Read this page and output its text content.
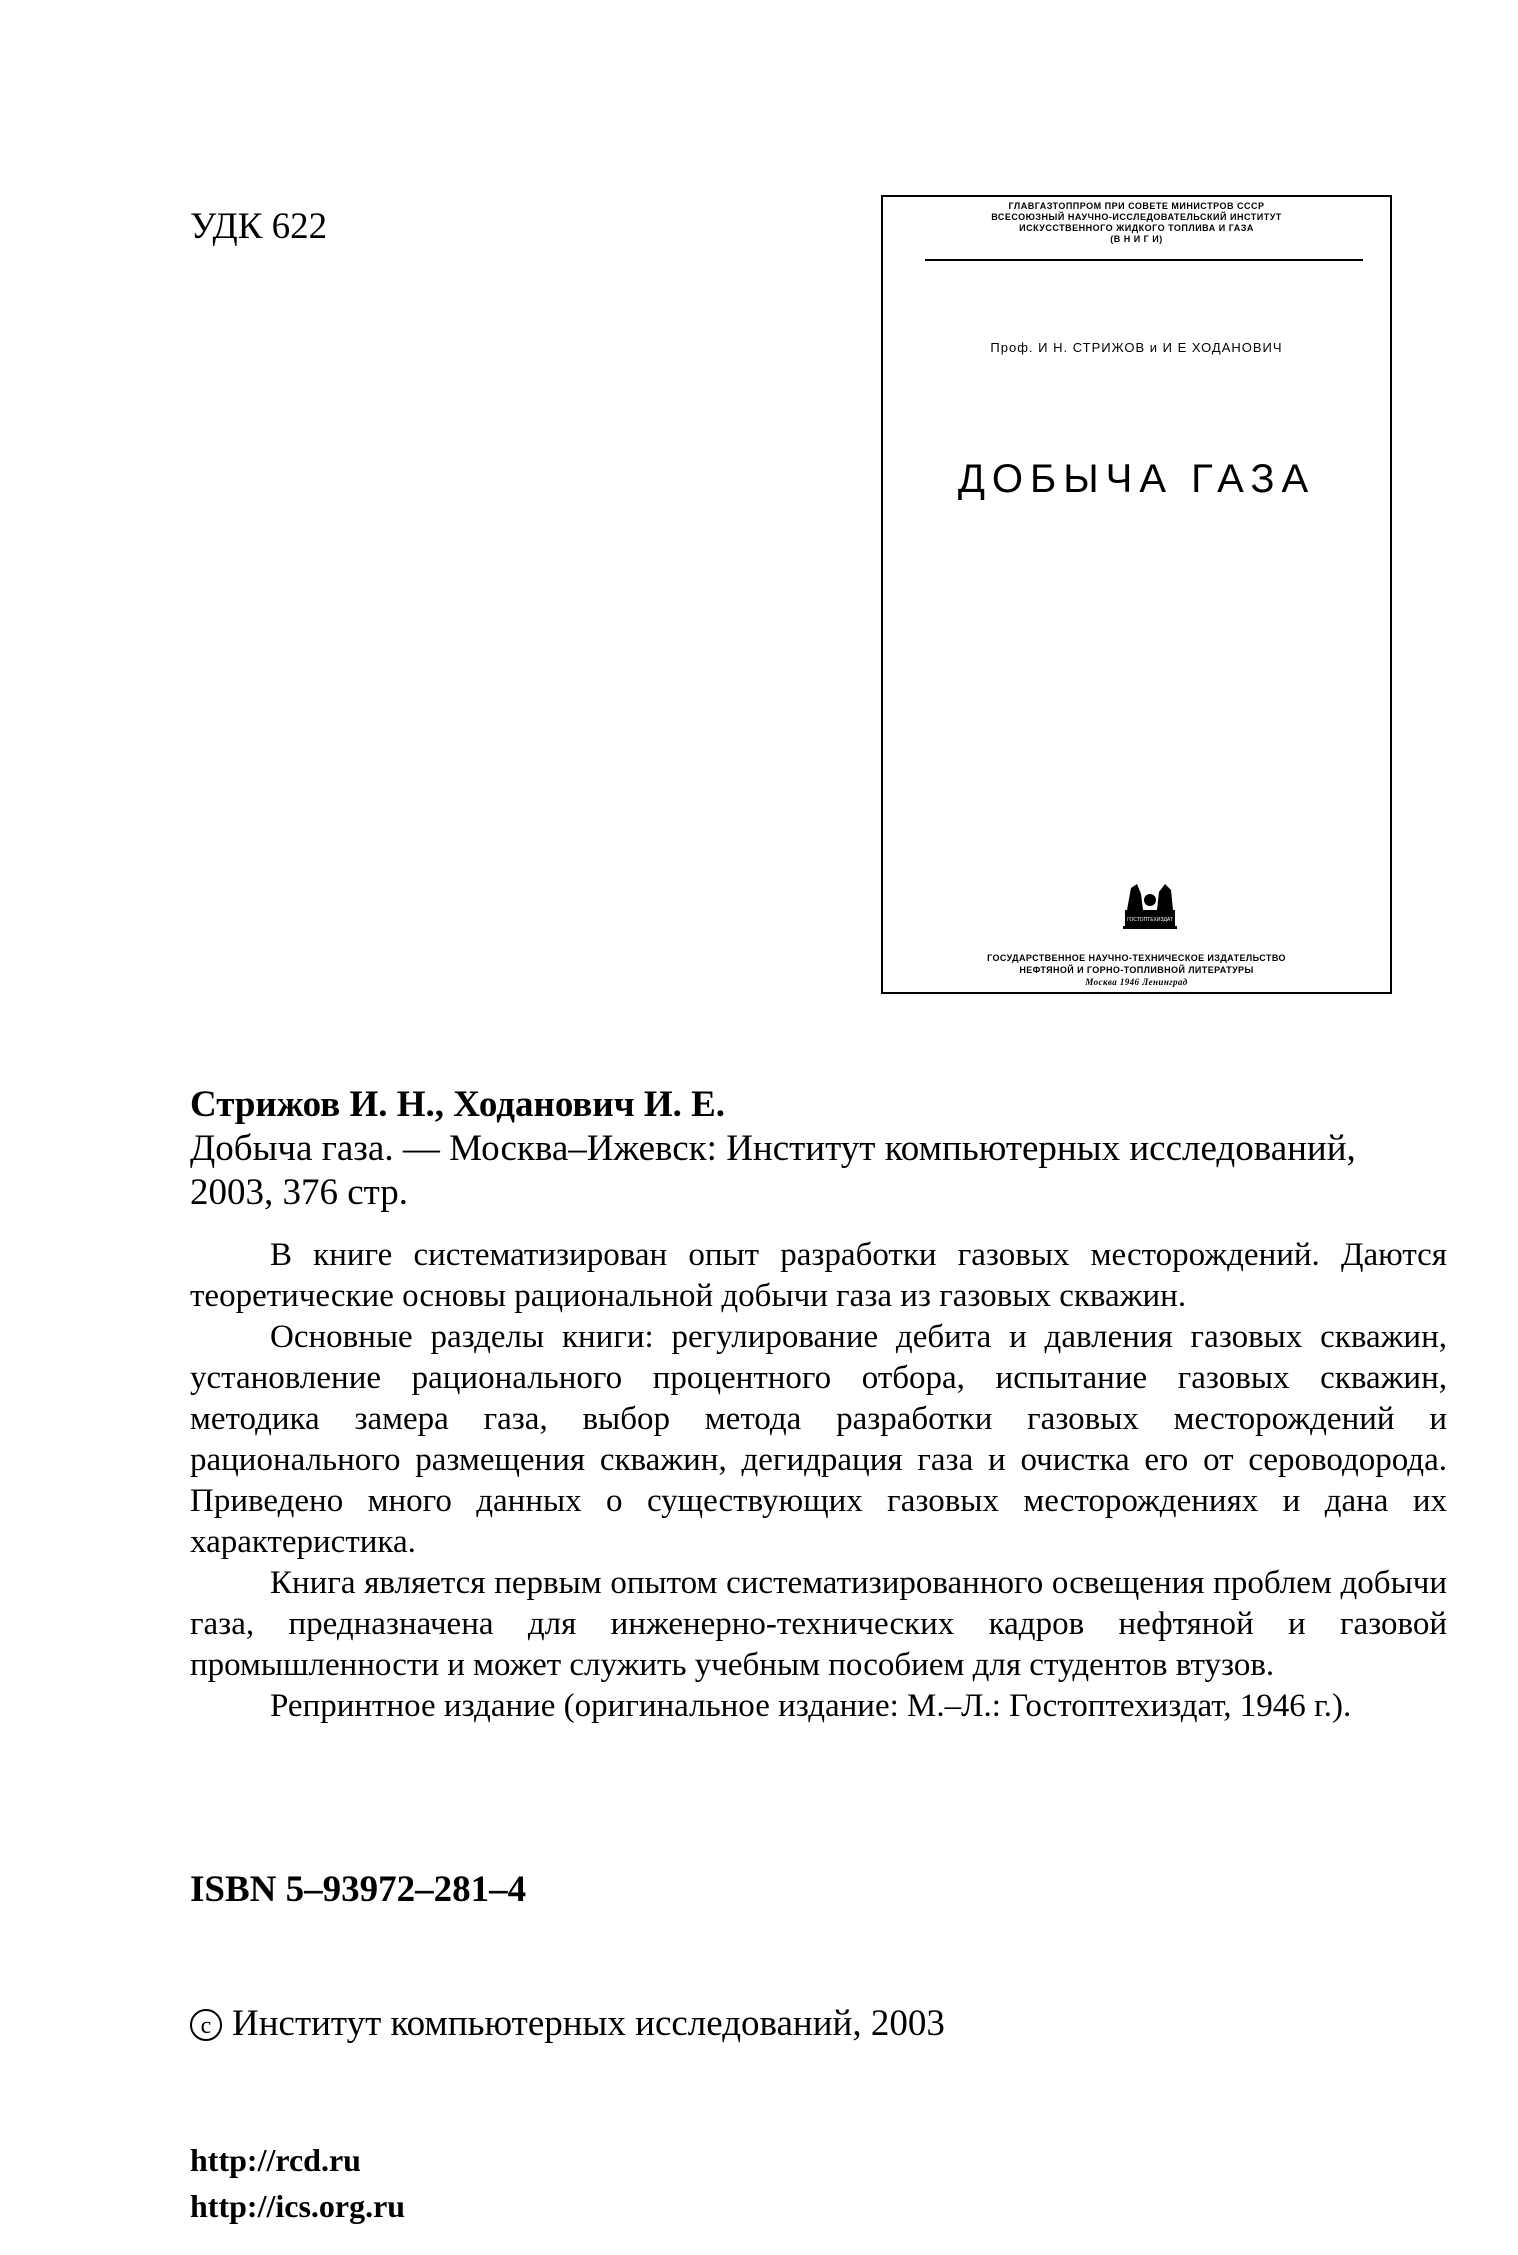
УДК 622	ГЛАВГАЗТОППРОМ ПРИ СОВЕТЕ МИНИСТРОВ СССР
ВСЕСОЮЗНЫЙ НАУЧНО-ИССЛЕДОВАТЕЛЬСКИЙ ИНСТИТУТ
ИСКУССТВЕННОГО ЖИДКОГО ТОПЛИВА И ГАЗА
(В Н И Г И)
Проф. И Н. СТРИЖОВ и И Е ХОДАНОВИЧ
ДОБЫЧА ГАЗА
ГОСТОПТЕХИЗДАТ
ГОСУДАРСТВЕННОЕ НАУЧНО-ТЕХНИЧЕСКОЕ ИЗДАТЕЛЬСТВО
НЕФТЯНОЙ И ГОРНО-ТОПЛИВНОЙ ЛИТЕРАТУРЫ
Москва 1946 Ленинград
Стрижов И. Н., Ходанович И. Е.
Добыча газа. — Москва–Ижевск: Институт компьютерных исследований, 2003, 376 стр.

В книге систематизирован опыт разработки газовых месторождений. Даются теоретические основы рациональной добычи газа из газовых скважин.

Основные разделы книги: регулирование дебита и давления газовых скважин, установление рационального процентного отбора, испытание газовых скважин, методика замера газа, выбор метода разработки газовых месторождений и рационального размещения скважин, дегидрация газа и очистка его от сероводорода. Приведено много данных о существующих газовых месторождениях и дана их характеристика.

Книга является первым опытом систематизированного освещения проблем добычи газа, предназначена для инженерно-технических кадров нефтяной и газовой промышленности и может служить учебным пособием для студентов втузов.

Репринтное издание (оригинальное издание: М.–Л.: Гостоптехиздат, 1946 г.).

ISBN 5–93972–281–4
c Институт компьютерных исследований, 2003
http://rcd.ru
http://ics.org.ru
